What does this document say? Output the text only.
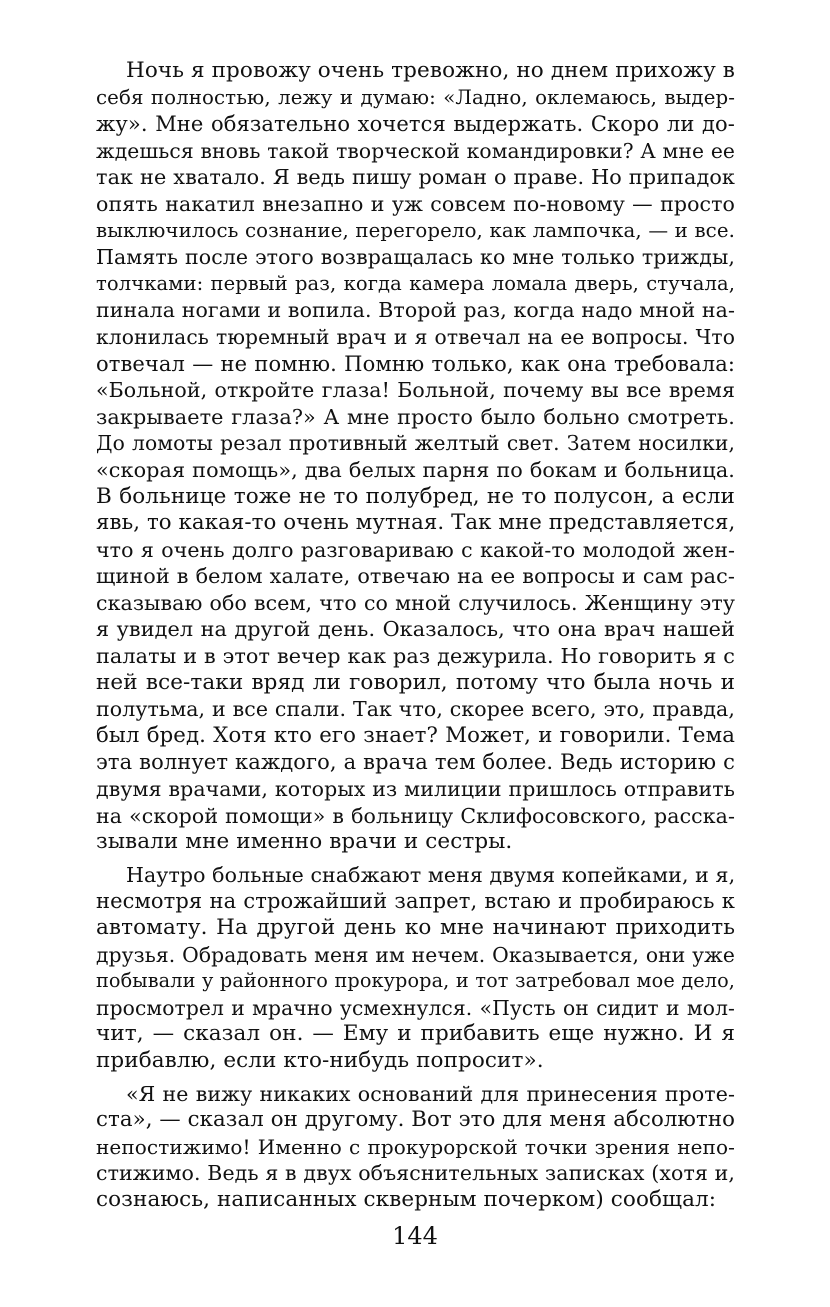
Ночь я провожу очень тревожно, но днем прихожу в
себя полностью, лежу и думаю: «Ладно, оклемаюсь, выдер-
жу». Мне обязательно хочется выдержать. Скоро ли до-
ждешься вновь такой творческой командировки? А мне ее
так не хватало. Я ведь пишу роман о праве. Но припадок
опять накатил внезапно и уж совсем по-новому — просто
выключилось сознание, перегорело, как лампочка, — и все.
Память после этого возвращалась ко мне только трижды,
толчками: первый раз, когда камера ломала дверь, стучала,
пинала ногами и вопила. Второй раз, когда надо мной на-
клонилась тюремный врач и я отвечал на ее вопросы. Что
отвечал — не помню. Помню только, как она требовала:
«Больной, откройте глаза! Больной, почему вы все время
закрываете глаза?» А мне просто было больно смотреть.
До ломоты резал противный желтый свет. Затем носилки,
«скорая помощь», два белых парня по бокам и больница.
В больнице тоже не то полубред, не то полусон, а если
явь, то какая-то очень мутная. Так мне представляется,
что я очень долго разговариваю с какой-то молодой жен-
щиной в белом халате, отвечаю на ее вопросы и сам рас-
сказываю обо всем, что со мной случилось. Женщину эту
я увидел на другой день. Оказалось, что она врач нашей
палаты и в этот вечер как раз дежурила. Но говорить я с
ней все-таки вряд ли говорил, потому что была ночь и
полутьма, и все спали. Так что, скорее всего, это, правда,
был бред. Хотя кто его знает? Может, и говорили. Тема
эта волнует каждого, а врача тем более. Ведь историю с
двумя врачами, которых из милиции пришлось отправить
на «скорой помощи» в больницу Склифосовского, расска-
зывали мне именно врачи и сестры.
Наутро больные снабжают меня двумя копейками, и я,
несмотря на строжайший запрет, встаю и пробираюсь к
автомату. На другой день ко мне начинают приходить
друзья. Обрадовать меня им нечем. Оказывается, они уже
побывали у районного прокурора, и тот затребовал мое дело,
просмотрел и мрачно усмехнулся. «Пусть он сидит и мол-
чит, — сказал он. — Ему и прибавить еще нужно. И я
прибавлю, если кто-нибудь попросит».
«Я не вижу никаких оснований для принесения проте-
ста», — сказал он другому. Вот это для меня абсолютно
непостижимо! Именно с прокурорской точки зрения непо-
стижимо. Ведь я в двух объяснительных записках (хотя и,
сознаюсь, написанных скверным почерком) сообщал:
144
